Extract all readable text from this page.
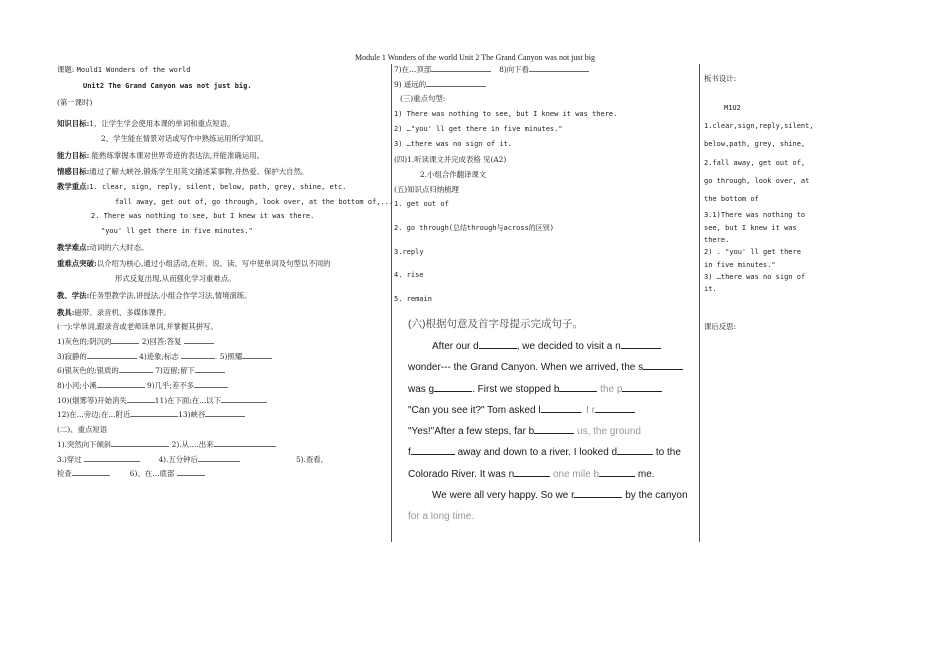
Module 1 Wonders of the world Unit 2 The Grand Canyon was not just big
课题: Mould1 Wonders of the world
Unit2 The Grand Canyon was not just big.
(第一课时)
知识目标:1、让学生学会使用本课的单词和重点短语。
2、学生能在情景对话或写作中熟练运用所学知识。
能力目标:.能熟练掌握本课对世界奇迹的表达法,并能准确运用。
情感目标:通过了解大峡谷,锻炼学生用英文描述某事物,并热爱、保护大自然。
教学重点:1. clear, sign, reply, silent, below, path, grey, shine, etc.
fall away, get out of, go through, look over, at the bottom of,...
2. There was nothing to see, but I knew it was there.
"you' ll get there in five minutes."
教学难点:动词的六大时态。
重难点突破:以介绍为核心,通过小组活动,在听、说、读、写中使单词及句型以不同的
形式反复出现,从而强化学习重难点。
教、学法:任务型教学法,讲授法,小组合作学习法,情境演练。
教具:磁带、录音机、多媒体课件。
(一):学单词,跟录音或老师读单词,并掌握其拼写。
1)灰色的;阴沉的	2)回答;答复
3)寂静的	4)迹象;标志	. 5)照耀
6)银灰色的;银质的	7)迈留;留下
8)小河;小溪	9)几乎;差不多
10)(烟雾等)开始消失	11)在下面;在...以下
12)在...旁边;在...附近	13)峡谷
(二)、重点短语
1).突然向下倾斜	2).从….出来
3.)穿过	4).五分钟后	5).查看,
检查	6)、在…底部
7)在…顶部	8)向下看
9) 遥远的
(三)重点句型:
1) There was nothing to see, but I knew it was there.
2) …"you' ll get there in five minutes."
3) …there was no sign of it.
(四)1.听读课文并完成表格 见(A2)
2.小组合作翻译课文
(五)知识点归纳梳理
1. get out of
2. go through(总结through与across的区别)
3.reply
4. rise
5. remain
(六)根据句意及首字母提示完成句子。
After our d	, we decided to visit a n
wonder--- the Grand Canyon. When we arrived, the s
was g	. First we stopped b	the p
"Can you see it?" Tom asked l	. I r
"Yes!"After a few steps, far b	us, the ground
f	away and down to a river. I looked d	to the
Colorado River. It was n	one mile b	me.
We were all very happy. So we r	by the canyon
for a long time.
板书设计:
M1U2
1.clear,sign,reply,silent,
below,path, grey, shine,
2.fall away, get out of,
go through, look over, at
the bottom of
3.1)There was nothing to
see, but I knew it was
there.
2) . "you' ll get there
in five minutes."
3) …there was no sign of
it.
课后反思:
